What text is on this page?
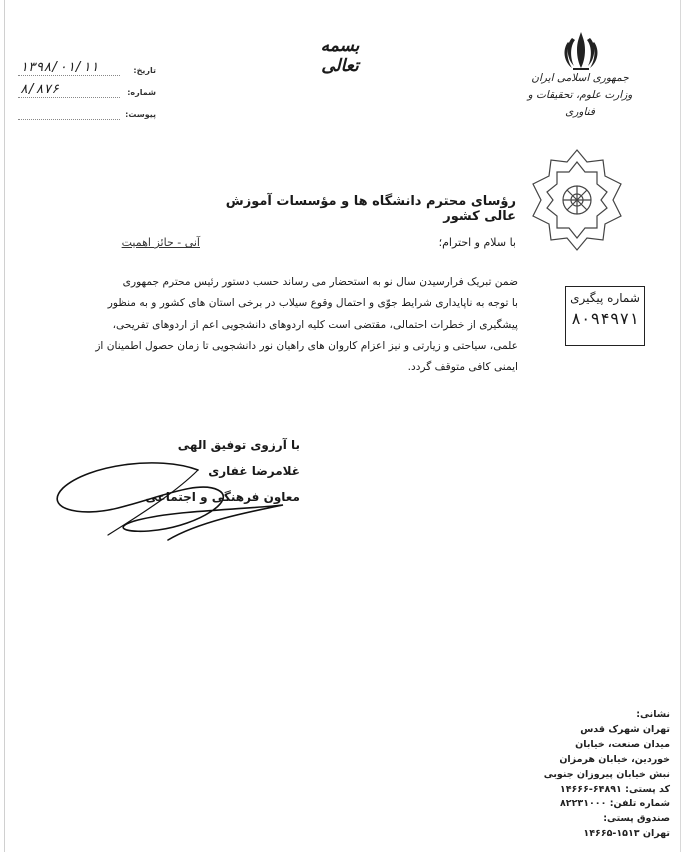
بسمه تعالی
جمهوری اسلامی ایران
وزارت علوم، تحقیقات و فناوری
تاریخ:
۱۳۹۸/۰۱/۱۱
شماره:
۸/۸۷۶
پیوست:
شماره پیگیری
۸۰۹۴۹۷۱
رؤسای محترم دانشگاه ها و مؤسسات آموزش عالی کشور
با سلام و احترام؛
آنی - حائز اهمیت
ضمن تبریک فرارسیدن سال نو به استحضار می رساند حسب دستور رئیس محترم جمهوری
با توجه به ناپایداری شرایط جوّی و احتمال وقوع سیلاب در برخی استان های کشور و به منظور
پیشگیری از خطرات احتمالی، مقتضی است کلیه اردوهای دانشجویی اعم از اردوهای تفریحی،
علمی، سیاحتی و زیارتی و نیز اعزام کاروان های راهیان نور دانشجویی تا زمان حصول اطمینان از
ایمنی کافی متوقف گردد.
با آرزوی توفیق الهی
غلامرضا غفاری
معاون فرهنگی و اجتماعی
نشانی:
تهران شهرک قدس
میدان صنعت، خیابان
خوردین، خیابان هرمزان
نبش خیابان پیروزان جنوبی
کد پستی: ۶۴۸۹۱-۱۴۶۶۶
شماره تلفن: ۸۲۲۳۱۰۰۰
صندوق پستی:
تهران ۱۵۱۳-۱۴۶۶۵
